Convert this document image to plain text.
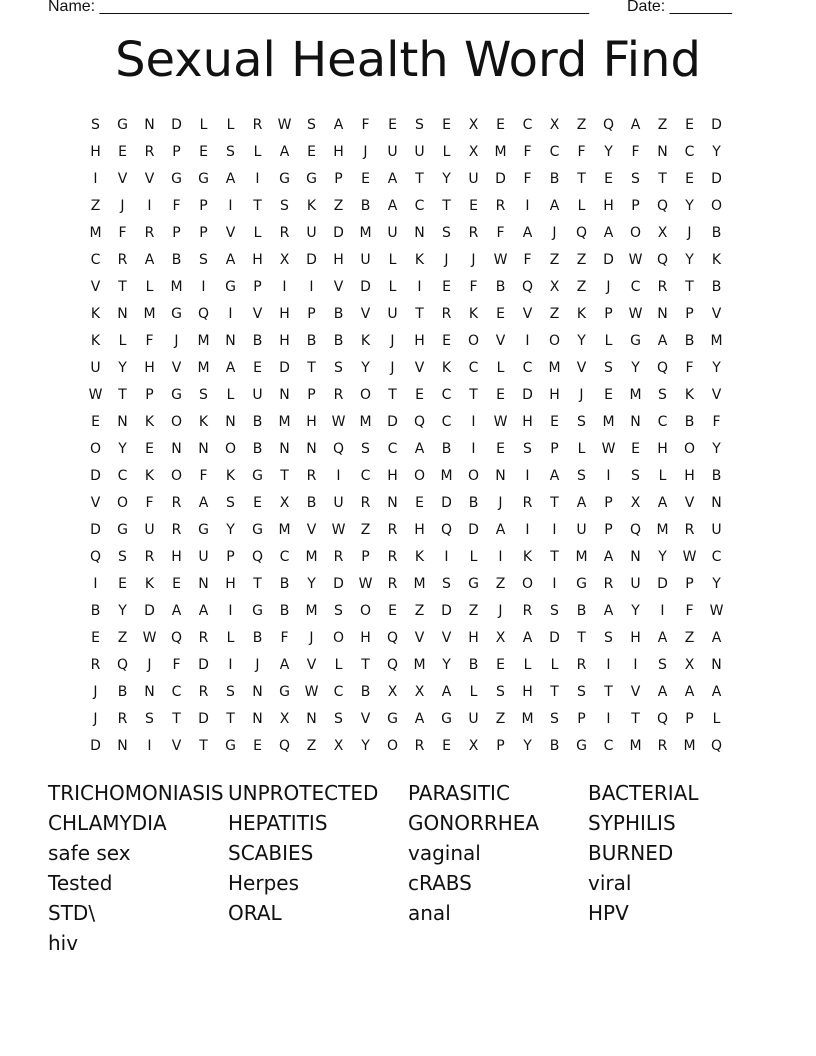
Name: _______________________________________________________ Date: _______
Sexual Health Word Find
S G N D L L R W S A F E S E X E C X Z Q A Z E D
H E R P E S L A E H J U U L X M F C F Y F N C Y
I V V G G A I G G P E A T Y U D F B T E S T E D
Z J I F P I T S K Z B A C T E R I A L H P Q Y O
M F R P P V L R U D M U N S R F A J Q A O X J B
C R A B S A H X D H U L K J J W F Z Z D W Q Y K
V T L M I G P I I V D L I E F B Q X Z J C R T B
K N M G Q I V H P B V U T R K E V Z K P W N P V
K L F J M N B H B B K J H E O V I O Y L G A B M
U Y H V M A E D T S Y J V K C L C M V S Y Q F Y
W T P G S L U N P R O T E C T E D H J E M S K V
E N K O K N B M H W M D Q C I W H E S M N C B F
O Y E N N O B N N Q S C A B I E S P L W E H O Y
D C K O F K G T R I C H O M O N I A S I S L H B
V O F R A S E X B U R N E D B J R T A P X A V N
D G U R G Y G M V W Z R H Q D A I I U P Q M R U
Q S R H U P Q C M R P R K I L I K T M A N Y W C
I E K E N H T B Y D W R M S G Z O I G R U D P Y
B Y D A A I G B M S O E Z D Z J R S B A Y I F W
E Z W Q R L B F J O H Q V V H X A D T S H A Z A
R Q J F D I J A V L T Q M Y B E L L R I I S X N
J B N C R S N G W C B X X A L S H T S T V A A A
J R S T D T N X N S V G A G U Z M S P I T Q P L
D N I V T G E Q Z X Y O R E X P Y B G C M R M Q
TRICHOMONIASIS UNPROTECTED	PARASITIC	BACTERIAL
CHLAMYDIA	HEPATITIS	GONORRHEA	SYPHILIS
safe sex	SCABIES	vaginal	BURNED
Tested	Herpes	cRABS	viral
STD\	ORAL	anal	HPV
hiv
